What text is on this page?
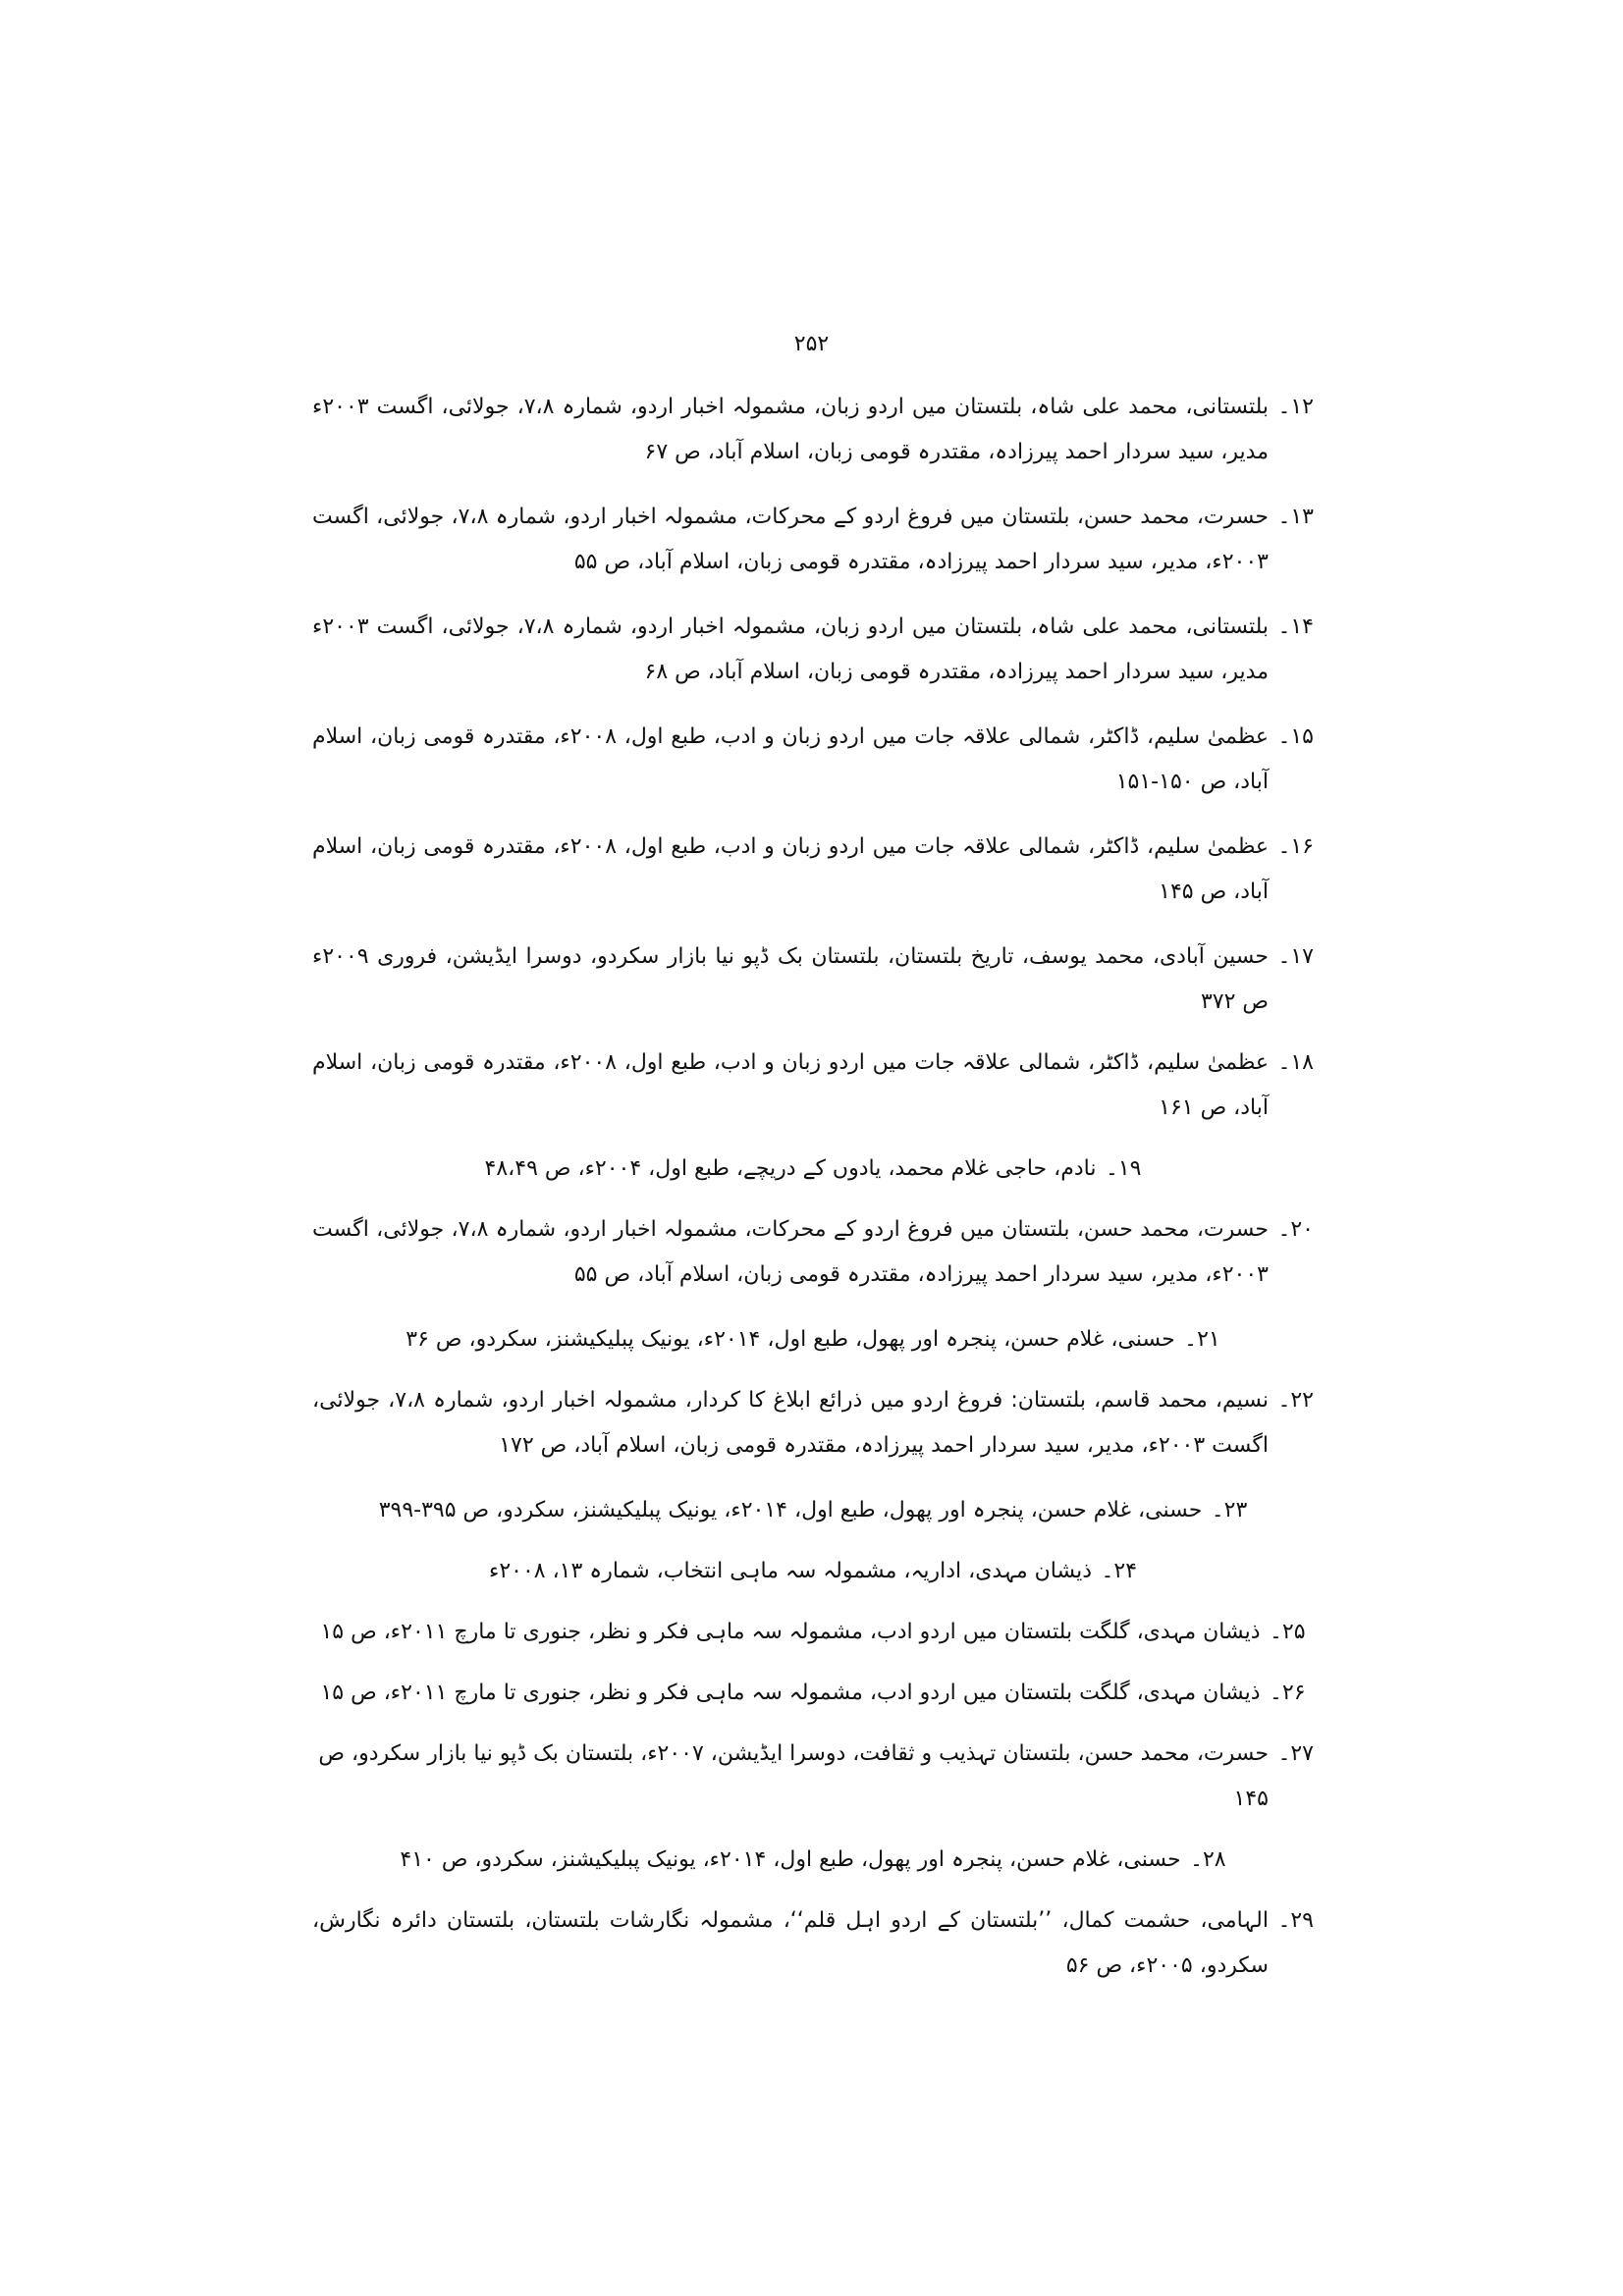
۲۵۲
۱۲۔
بلتستانی، محمد علی شاہ، بلتستان میں اردو زبان، مشمولہ اخبار اردو، شمارہ ۷،۸، جولائی، اگست ۲۰۰۳ء مدیر، سید سردار احمد پیرزادہ، مقتدرہ قومی زبان، اسلام آباد، ص ۶۷
۱۳۔
حسرت، محمد حسن، بلتستان میں فروغ اردو کے محرکات، مشمولہ اخبار اردو، شمارہ ۷،۸، جولائی، اگست ۲۰۰۳ء، مدیر، سید سردار احمد پیرزادہ، مقتدرہ قومی زبان، اسلام آباد، ص ۵۵
۱۴۔
بلتستانی، محمد علی شاہ، بلتستان میں اردو زبان، مشمولہ اخبار اردو، شمارہ ۷،۸، جولائی، اگست ۲۰۰۳ء مدیر، سید سردار احمد پیرزادہ، مقتدرہ قومی زبان، اسلام آباد، ص ۶۸
۱۵۔
عظمیٰ سلیم، ڈاکٹر، شمالی علاقہ جات میں اردو زبان و ادب، طبع اول، ۲۰۰۸ء، مقتدرہ قومی زبان، اسلام آباد، ص ۱۵۰-۱۵۱
۱۶۔
عظمیٰ سلیم، ڈاکٹر، شمالی علاقہ جات میں اردو زبان و ادب، طبع اول، ۲۰۰۸ء، مقتدرہ قومی زبان، اسلام آباد، ص ۱۴۵
۱۷۔
حسین آبادی، محمد یوسف، تاریخ بلتستان، بلتستان بک ڈپو نیا بازار سکردو، دوسرا ایڈیشن، فروری ۲۰۰۹ء ص ۳۷۲
۱۸۔
عظمیٰ سلیم، ڈاکٹر، شمالی علاقہ جات میں اردو زبان و ادب، طبع اول، ۲۰۰۸ء، مقتدرہ قومی زبان، اسلام آباد، ص ۱۶۱
۱۹۔
نادم، حاجی غلام محمد، یادوں کے دریچے، طبع اول، ۲۰۰۴ء، ص ۴۸،۴۹
۲۰۔
حسرت، محمد حسن، بلتستان میں فروغ اردو کے محرکات، مشمولہ اخبار اردو، شمارہ ۷،۸، جولائی، اگست ۲۰۰۳ء، مدیر، سید سردار احمد پیرزادہ، مقتدرہ قومی زبان، اسلام آباد، ص ۵۵
۲۱۔
حسنی، غلام حسن، پنجرہ اور پھول، طبع اول، ۲۰۱۴ء، یونیک پبلیکیشنز، سکردو، ص ۳۶
۲۲۔
نسیم، محمد قاسم، بلتستان: فروغ اردو میں ذرائع ابلاغ کا کردار، مشمولہ اخبار اردو، شمارہ ۷،۸، جولائی، اگست ۲۰۰۳ء، مدیر، سید سردار احمد پیرزادہ، مقتدرہ قومی زبان، اسلام آباد، ص ۱۷۲
۲۳۔
حسنی، غلام حسن، پنجرہ اور پھول، طبع اول، ۲۰۱۴ء، یونیک پبلیکیشنز، سکردو، ص ۳۹۵-۳۹۹
۲۴۔
ذیشان مہدی، اداریہ، مشمولہ سہ ماہی انتخاب، شمارہ ۱۳، ۲۰۰۸ء
۲۵۔
ذیشان مہدی، گلگت بلتستان میں اردو ادب، مشمولہ سہ ماہی فکر و نظر، جنوری تا مارچ ۲۰۱۱ء، ص ۱۵
۲۶۔
ذیشان مہدی، گلگت بلتستان میں اردو ادب، مشمولہ سہ ماہی فکر و نظر، جنوری تا مارچ ۲۰۱۱ء، ص ۱۵
۲۷۔
حسرت، محمد حسن، بلتستان تہذیب و ثقافت، دوسرا ایڈیشن، ۲۰۰۷ء، بلتستان بک ڈپو نیا بازار سکردو، ص ۱۴۵
۲۸۔
حسنی، غلام حسن، پنجرہ اور پھول، طبع اول، ۲۰۱۴ء، یونیک پبلیکیشنز، سکردو، ص ۴۱۰
۲۹۔
الہامی، حشمت کمال، ’’بلتستان کے اردو اہل قلم‘‘، مشمولہ نگارشات بلتستان، بلتستان دائرہ نگارش، سکردو، ۲۰۰۵ء، ص ۵۶
